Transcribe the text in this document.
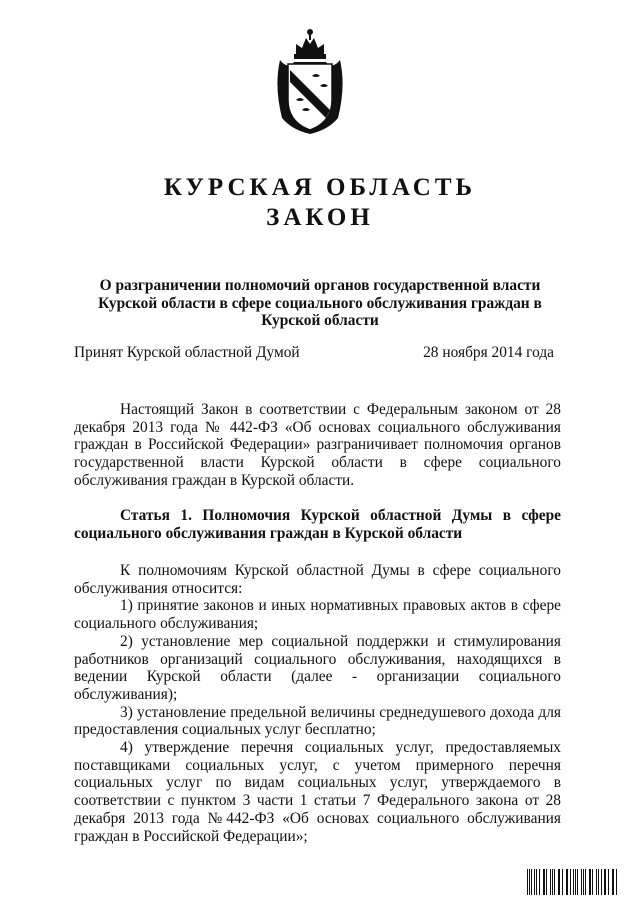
КУРСКАЯ ОБЛАСТЬ
ЗАКОН
О разграничении полномочий органов государственной власти Курской области в сфере социального обслуживания граждан в Курской области
Принят Курской областной Думой	28 ноября 2014 года

Настоящий Закон в соответствии с Федеральным законом от 28 декабря 2013 года № 442-ФЗ «Об основах социального обслуживания граждан в Российской Федерации» разграничивает полномочия органов государственной власти Курской области в сфере социального обслуживания граждан в Курской области.

Статья 1. Полномочия Курской областной Думы в сфере социального обслуживания граждан в Курской области

К полномочиям Курской областной Думы в сфере социального обслуживания относится:

1) принятие законов и иных нормативных правовых актов в сфере социального обслуживания;

2) установление мер социальной поддержки и стимулирования работников организаций социального обслуживания, находящихся в ведении Курской области (далее - организации социального обслуживания);

3) установление предельной величины среднедушевого дохода для предоставления социальных услуг бесплатно;

4) утверждение перечня социальных услуг, предоставляемых поставщиками социальных услуг, с учетом примерного перечня социальных услуг по видам социальных услуг, утверждаемого в соответствии с пунктом 3 части 1 статьи 7 Федерального закона от 28 декабря 2013 года №442-ФЗ «Об основах социального обслуживания граждан в Российской Федерации»;
